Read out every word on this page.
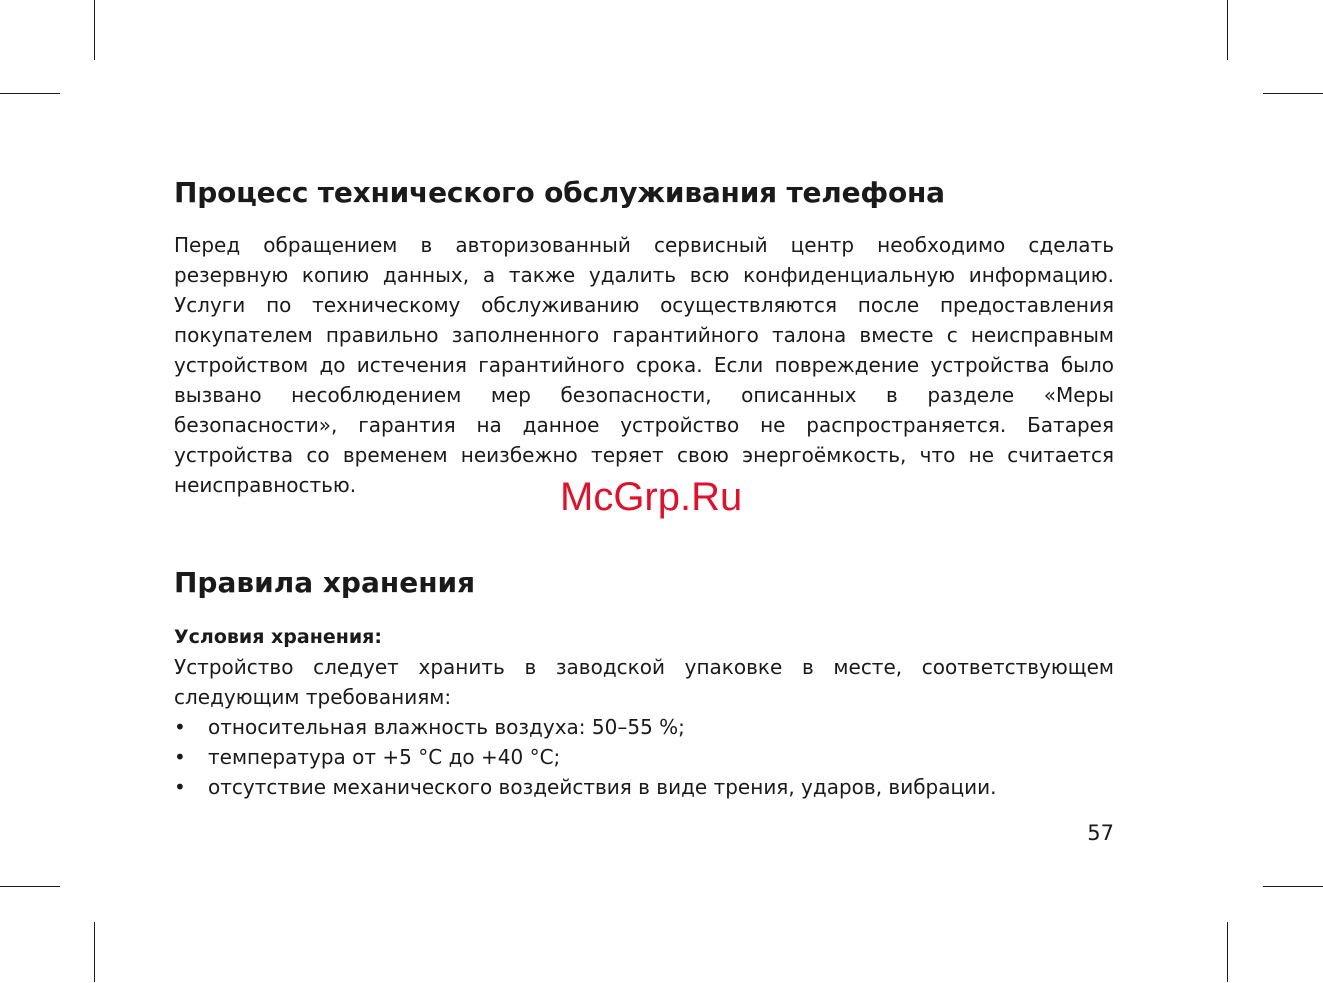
Процесс технического обслуживания телефона

Перед обращением в авторизованный сервисный центр необходимо сделать резервную копию данных, а также удалить всю конфиденциальную информацию. Услуги по техническому обслуживанию осуществляются после предоставления покупателем правильно заполненного гарантийного талона вместе с неисправным устройством до истечения гарантийного срока. Если повреждение устройства было вызвано несоблюдением мер безопасности, описанных в разделе «Меры безопасности», гарантия на данное устройство не распространяется. Батарея устройства со временем неизбежно теряет свою энергоёмкость, что не считается неисправностью.

Правила хранения
Условия хранения:

Устройство следует хранить в заводской упаковке в месте, соответствующем следующим требованиям:

• относительная влажность воздуха: 50–55 %;
• температура от +5 °C до +40 °C;
• отсутствие механического воздействия в виде трения, ударов, вибрации.
57
McGrp.Ru
